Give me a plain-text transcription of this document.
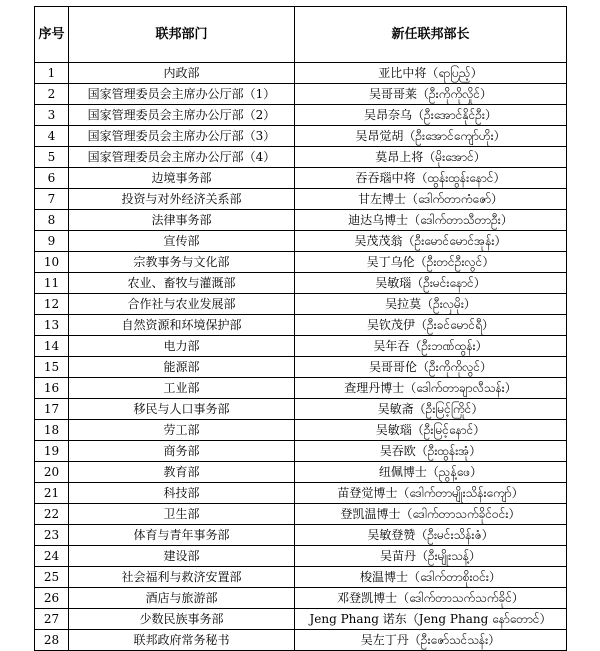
序号	联邦部门	新任联邦部长
1	内政部	亚比中将（ရာပြည့်）
2	国家管理委员会主席办公厅部（1）	吴哥哥莱（ဦးကိုကိုလှိုင်）
3	国家管理委员会主席办公厅部（2）	吴昂奈乌（ဦးအောင်နိုင်ဦး）
4	国家管理委员会主席办公厅部（3）	吴昂觉胡（ဦးအောင်ကျော်ဟိုး）
5	国家管理委员会主席办公厅部（4）	莫昂上将（မိုးအောင်）
6	边境事务部	吞吞瑙中将（ထွန်းထွန်းနောင်）
7	投资与对外经济关系部	甘左博士（ဒေါက်တာကံဇော်）
8	法律事务部	迪达乌博士（ဒေါက်တာသီတာဦး）
9	宣传部	吴茂茂翁（ဦးမောင်မောင်အုန်း）
10	宗教事务与文化部	吴丁乌伦（ဦးတင်ဦးလွင်）
11	农业、畜牧与灌溉部	吴敏瑙（ဦးမင်းနောင်）
12	合作社与农业发展部	吴拉莫（ဦးလှမိုး）
13	自然资源和环境保护部	吴钦茂伊（ဦးခင်မောင်ရီ）
14	电力部	吴年吞（ဦးဘဏ်ထွန်း）
15	能源部	吴哥哥伦（ဦးကိုကိုလွင်）
16	工业部	查理丹博士（ဒေါက်တာချာလီသန်း）
17	移民与人口事务部	吴敏斋（ဦးမြင့်ကြိုင်）
18	劳工部	吴敏瑙（ဦးမြင့်နောင်）
19	商务部	吴吞欧（ဦးထွန်းအုံ）
20	教育部	纽佩博士（ညွန့်ဖေ）
21	科技部	苗登觉博士（ဒေါက်တာမျိုးသိန်းကျော်）
22	卫生部	登凯温博士（ဒေါက်တာသက်ခိုင်ဝင်း）
23	体育与青年事务部	吴敏登赞（ဦးမင်းသိန်းဇံ）
24	建设部	吴苗丹（ဦးမျိုးသန့်）
25	社会福利与救济安置部	梭温博士（ဒေါက်တာစိုးဝင်း）
26	酒店与旅游部	邓登凯博士（ဒေါက်တာသက်သက်ခိုင်）
27	少数民族事务部	Jeng Phang 诺东（Jeng Phang နော်တောင်）
28	联邦政府常务秘书	吴左丁丹（ဦးဇော်သင်သန်း）
